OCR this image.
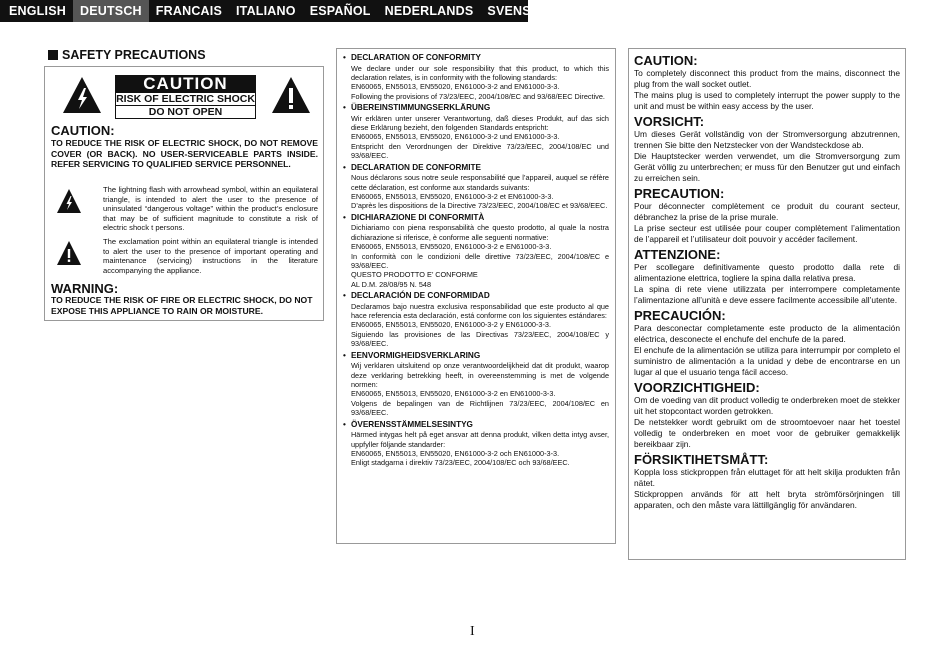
ENGLISH	DEUTSCH	FRANCAIS	ITALIANO	ESPAÑOL	NEDERLANDS	SVENSKA
SAFETY PRECAUTIONS
CAUTION
RISK OF ELECTRIC SHOCK
DO NOT OPEN
CAUTION:
TO REDUCE THE RISK OF ELECTRIC SHOCK, DO NOT REMOVE COVER (OR BACK). NO USER-SERVICEABLE PARTS INSIDE. REFER SERVICING TO QUALIFIED SERVICE PERSONNEL.
The lightning flash with arrowhead symbol, within an equilateral triangle, is intended to alert the user to the presence of uninsulated “dangerous voltage” within the product’s enclosure that may be of sufficient magnitude to constitute a risk of electric shock t persons.
The exclamation point within an equilateral triangle is intended to alert the user to the presence of important operating and maintenance (servicing) instructions in the literature accompanying the appliance.
WARNING:
TO REDUCE THE RISK OF FIRE OR ELECTRIC SHOCK, DO NOT EXPOSE THIS APPLIANCE TO RAIN OR MOISTURE.
• DECLARATION OF CONFORMITY
We declare under our sole responsibility that this product, to which this declaration relates, is in conformity with the following standards:
EN60065, EN55013, EN55020, EN61000-3-2 and EN61000-3-3.
Following the provisions of 73/23/EEC, 2004/108/EC and 93/68/EEC Directive.
• ÜBEREINSTIMMUNGSERKLÄRUNG
Wir erklären unter unserer Verantwortung, daß dieses Produkt, auf das sich diese Erklärung bezieht, den folgenden Standards entspricht:
EN60065, EN55013, EN55020, EN61000-3-2 und EN61000-3-3.
Entspricht den Verordnungen der Direktive 73/23/EEC, 2004/108/EC und 93/68/EEC.
• DECLARATION DE CONFORMITE
Nous déclarons sous notre seule responsabilité que l’appareil, auquel se réfère cette déclaration, est conforme aux standards suivants:
EN60065, EN55013, EN55020, EN61000-3-2 et EN61000-3-3.
D’après les dispositions de la Directive 73/23/EEC, 2004/108/EC et 93/68/EEC.
• DICHIARAZIONE DI CONFORMITÀ
Dichiariamo con piena responsabilità che questo prodotto, al quale la nostra dichiarazione si riferisce, è conforme alle seguenti normative:
EN60065, EN55013, EN55020, EN61000-3-2 e EN61000-3-3.
In conformità con le condizioni delle direttive 73/23/EEC, 2004/108/EC e 93/68/EEC.
QUESTO PRODOTTO E’ CONFORME
AL D.M. 28/08/95 N. 548
• DECLARACIÓN DE CONFORMIDAD
Declaramos bajo nuestra exclusiva responsabilidad que este producto al que hace referencia esta declaración, está conforme con los siguientes estándares:
EN60065, EN55013, EN55020, EN61000-3-2 y EN61000-3-3.
Siguiendo las provisiones de las Directivas 73/23/EEC, 2004/108/EC y 93/68/EEC.
• EENVORMIGHEIDSVERKLARING
Wij verklaren uitsluitend op onze verantwoordelijkheid dat dit produkt, waarop deze verklaring betrekking heeft, in overeenstemming is met de volgende normen:
EN60065, EN55013, EN55020, EN61000-3-2 en EN61000-3-3.
Volgens de bepalingen van de Richtlijnen 73/23/EEC, 2004/108/EC en 93/68/EEC.
• ÖVERENSSTÄMMELSESINTYG
Härmed intygas helt på eget ansvar att denna produkt, vilken detta intyg avser, uppfyller följande standarder:
EN60065, EN55013, EN55020, EN61000-3-2 och EN61000-3-3.
Enligt stadgarna i direktiv 73/23/EEC, 2004/108/EC och 93/68/EEC.
CAUTION:
To completely disconnect this product from the mains, disconnect the plug from the wall socket outlet.
The mains plug is used to completely interrupt the power supply to the unit and must be within easy access by the user.
VORSICHT:
Um dieses Gerät vollständig von der Stromversorgung abzutrennen, trennen Sie bitte den Netzstecker von der Wandsteckdose ab.
Die Hauptstecker werden verwendet, um die Stromversorgung zum Gerät völlig zu unterbrechen; er muss für den Benutzer gut und einfach zu erreichen sein.
PRECAUTION:
Pour déconnecter complètement ce produit du courant secteur, débranchez la prise de la prise murale.
La prise secteur est utilisée pour couper complètement l’alimentation de l’appareil et l’utilisateur doit pouvoir y accéder facilement.
ATTENZIONE:
Per scollegare definitivamente questo prodotto dalla rete di alimentazione elettrica, togliere la spina dalla relativa presa.
La spina di rete viene utilizzata per interrompere completamente l’alimentazione all’unità e deve essere facilmente accessibile all’utente.
PRECAUCIÓN:
Para desconectar completamente este producto de la alimentación eléctrica, desconecte el enchufe del enchufe de la pared.
El enchufe de la alimentación se utiliza para interrumpir por completo el suministro de alimentación a la unidad y debe de encontrarse en un lugar al que el usuario tenga fácil acceso.
VOORZICHTIGHEID:
Om de voeding van dit product volledig te onderbreken moet de stekker uit het stopcontact worden getrokken.
De netstekker wordt gebruikt om de stroomtoevoer naar het toestel volledig te onderbreken en moet voor de gebruiker gemakkelijk bereikbaar zijn.
FÖRSIKTIHETSMÅTT:
Koppla loss stickproppen från eluttaget för att helt skilja produkten från nätet.
Stickproppen används för att helt bryta strömförsörjningen till apparaten, och den måste vara lättillgänglig för användaren.
I
